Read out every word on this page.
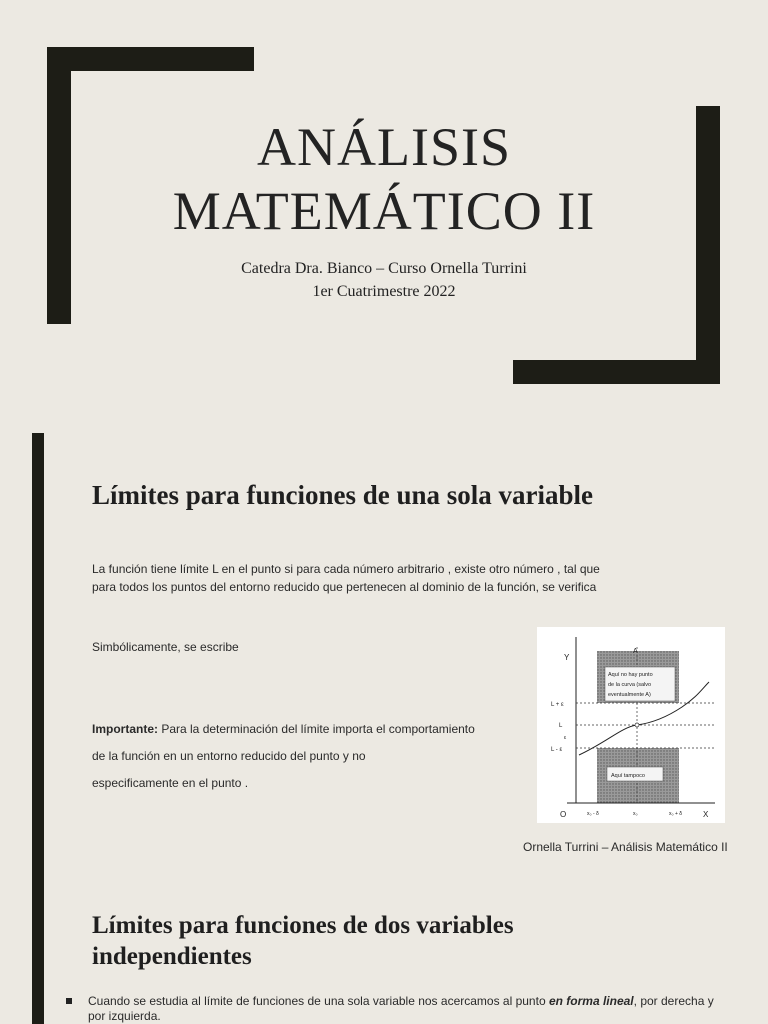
ANÁLISIS
MATEMÁTICO II
Catedra Dra. Bianco – Curso Ornella Turrini
1er Cuatrimestre 2022
Límites para funciones de una sola variable
La función tiene límite L en el punto si para cada número arbitrario , existe otro número , tal que
para todos los puntos del entorno reducido que pertenecen al dominio de la función, se verifica
Simbólicamente, se escribe
Importante: Para la determinación del límite importa el comportamiento
de la función en un entorno reducido del punto y no
especificamente en el punto .
Y
X
O
L + ε
L
ε
L - ε
x₀ - δ	x₀	x₀ + δ
A
Aquí no hay punto
de la curva (salvo
eventualmente A)
Aquí tampoco
Ornella Turrini – Análisis Matemático II
Límites para funciones de dos variables
independientes
Cuando se estudia al límite de funciones de una sola variable nos acercamos al punto en forma lineal, por derecha y
por izquierda.
